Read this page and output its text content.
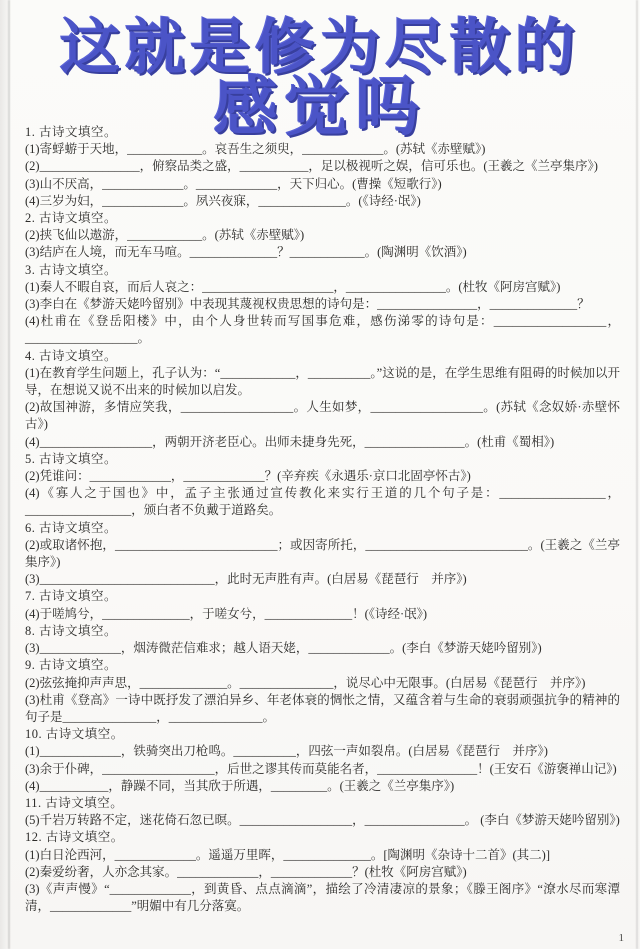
这就是修为尽散的
感觉吗
1. 古诗文填空。

(1)寄蜉蝣于天地，____________。哀吾生之须臾，_____________。(苏轼《赤壁赋》)

(2)________________，俯察品类之盛，___________，足以极视听之娱，信可乐也。(王羲之《兰亭集序》)

(3)山不厌高，_____________。_____________，天下归心。(曹操《短歌行》)

(4)三岁为妇，_____________。夙兴夜寐，______________。(《诗经·氓》)

2. 古诗文填空。

(2)挟飞仙以遨游，____________。(苏轼《赤壁赋》)

(3)结庐在人境，而无车马喧。______________？____________。(陶渊明《饮酒》)

3. 古诗文填空。

(1)秦人不暇自哀，而后人哀之：_____________________，________________。(杜牧《阿房宫赋》)

(3)李白在《梦游天姥吟留别》中表现其蔑视权贵思想的诗句是：________________，______________？

(4)杜甫在《登岳阳楼》中，由个人身世转而写国事危难，感伤涕零的诗句是：__________________，__________________。

4. 古诗文填空。

(1)在教育学生问题上，孔子认为：“____________，__________。”这说的是，在学生思维有阻碍的时候加以开导，在想说又说不出来的时候加以启发。

(2)故国神游，多情应笑我，__________________。人生如梦，__________________。(苏轼《念奴娇·赤壁怀古》)

(4)__________________，两朝开济老臣心。出师未捷身先死，________________。(杜甫《蜀相》)

5. 古诗文填空。

(2)凭谁问：_____________，_____________？(辛弃疾《永遇乐·京口北固亭怀古》)

(4)《寡人之于国也》中，孟子主张通过宣传教化来实行王道的几个句子是：_________________，_________________，颁白者不负戴于道路矣。

6. 古诗文填空。

(2)或取诸怀抱，__________________________；或因寄所托，__________________________。(王羲之《兰亭集序》)

(3)____________________________，此时无声胜有声。(白居易《琵琶行　并序》)

7. 古诗文填空。

(4)于嗟鸠兮，______________，于嗟女兮，______________！(《诗经·氓》)

8. 古诗文填空。

(3)_____________，烟涛微茫信难求；越人语天姥，_____________。(李白《梦游天姥吟留别》)

9. 古诗文填空。

(2)弦弦掩抑声声思，______________。_______________，说尽心中无限事。(白居易《琵琶行　并序》)

(3)杜甫《登高》一诗中既抒发了漂泊异乡、年老体衰的惆怅之情，又蕴含着与生命的衰弱顽强抗争的精神的句子是_______________，_______________。

10. 古诗文填空。

(1)_____________，铁骑突出刀枪鸣。__________，四弦一声如裂帛。(白居易《琵琶行　并序》)

(3)余于仆碑，__________________，后世之谬其传而莫能名者，________________！(王安石《游褒禅山记》)

(4)___________，静躁不同，当其欣于所遇，_________。(王羲之《兰亭集序》)

11. 古诗文填空。

(5)千岩万转路不定，迷花倚石忽已暝。__________________，________________。 (李白《梦游天姥吟留别》)

12. 古诗文填空。

(1)白日沦西河，_____________。遥遥万里晖，______________。[陶渊明《杂诗十二首》(其二)]

(2)秦爱纷奢，人亦念其家。_____________，_____________？(杜牧《阿房宫赋》)

(3)《声声慢》“_____________，到黄昏、点点滴滴”，描绘了冷清凄凉的景象；《滕王阁序》“潦水尽而寒潭清，_____________”明媚中有几分落寞。

1
